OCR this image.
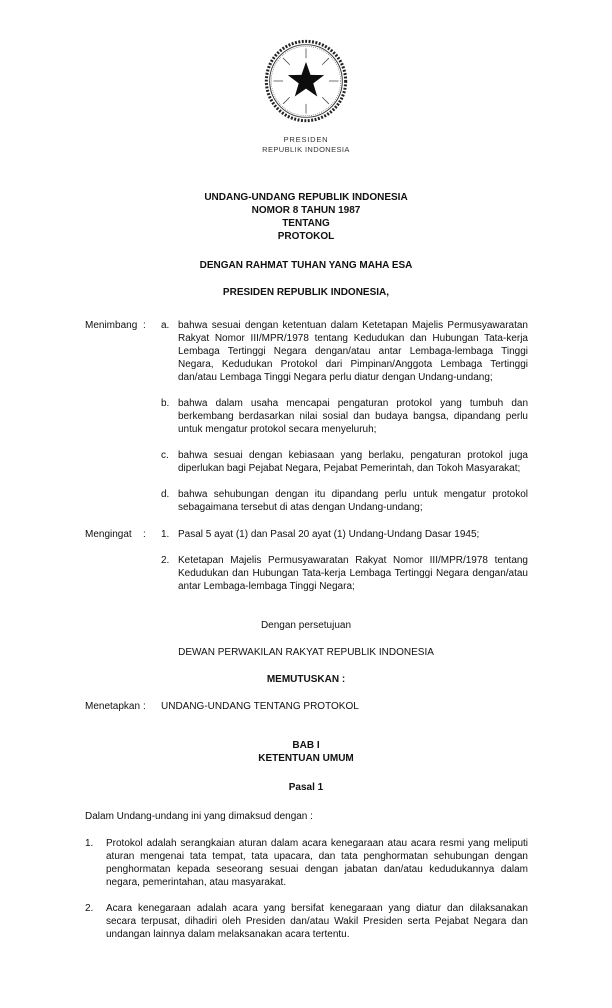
PRESIDEN
REPUBLIK INDONESIA
UNDANG-UNDANG REPUBLIK INDONESIA
NOMOR 8 TAHUN 1987
TENTANG
PROTOKOL
DENGAN RAHMAT TUHAN YANG MAHA ESA
PRESIDEN REPUBLIK INDONESIA,
Menimbang :	a. bahwa sesuai dengan ketentuan dalam Ketetapan Majelis Permusyawaratan Rakyat Nomor III/MPR/1978 tentang Kedudukan dan Hubungan Tata-kerja Lembaga Tertinggi Negara dengan/atau antar Lembaga-lembaga Tinggi Negara, Kedudukan Protokol dari Pimpinan/Anggota Lembaga Tertinggi dan/atau Lembaga Tinggi Negara perlu diatur dengan Undang-undang;
b. bahwa dalam usaha mencapai pengaturan protokol yang tumbuh dan berkembang berdasarkan nilai sosial dan budaya bangsa, dipandang perlu untuk mengatur protokol secara menyeluruh;
c. bahwa sesuai dengan kebiasaan yang berlaku, pengaturan protokol juga diperlukan bagi Pejabat Negara, Pejabat Pemerintah, dan Tokoh Masyarakat;
d. bahwa sehubungan dengan itu dipandang perlu untuk mengatur protokol sebagaimana tersebut di atas dengan Undang-undang;
Mengingat	:	1. Pasal 5 ayat (1) dan Pasal 20 ayat (1) Undang-Undang Dasar 1945;
2. Ketetapan Majelis Permusyawaratan Rakyat Nomor III/MPR/1978 tentang Kedudukan dan Hubungan Tata-kerja Lembaga Tertinggi Negara dengan/atau antar Lembaga-lembaga Tinggi Negara;
Dengan persetujuan
DEWAN PERWAKILAN RAKYAT REPUBLIK INDONESIA
MEMUTUSKAN :
Menetapkan :	UNDANG-UNDANG TENTANG PROTOKOL
BAB I
KETENTUAN UMUM
Pasal 1
Dalam Undang-undang ini yang dimaksud dengan :
1.	Protokol adalah serangkaian aturan dalam acara kenegaraan atau acara resmi yang meliputi aturan mengenai tata tempat, tata upacara, dan tata penghormatan sehubungan dengan penghormatan kepada seseorang sesuai dengan jabatan dan/atau kedudukannya dalam negara, pemerintahan, atau masyarakat.
2.	Acara kenegaraan adalah acara yang bersifat kenegaraan yang diatur dan dilaksanakan secara terpusat, dihadiri oleh Presiden dan/atau Wakil Presiden serta Pejabat Negara dan undangan lainnya dalam melaksanakan acara tertentu.
